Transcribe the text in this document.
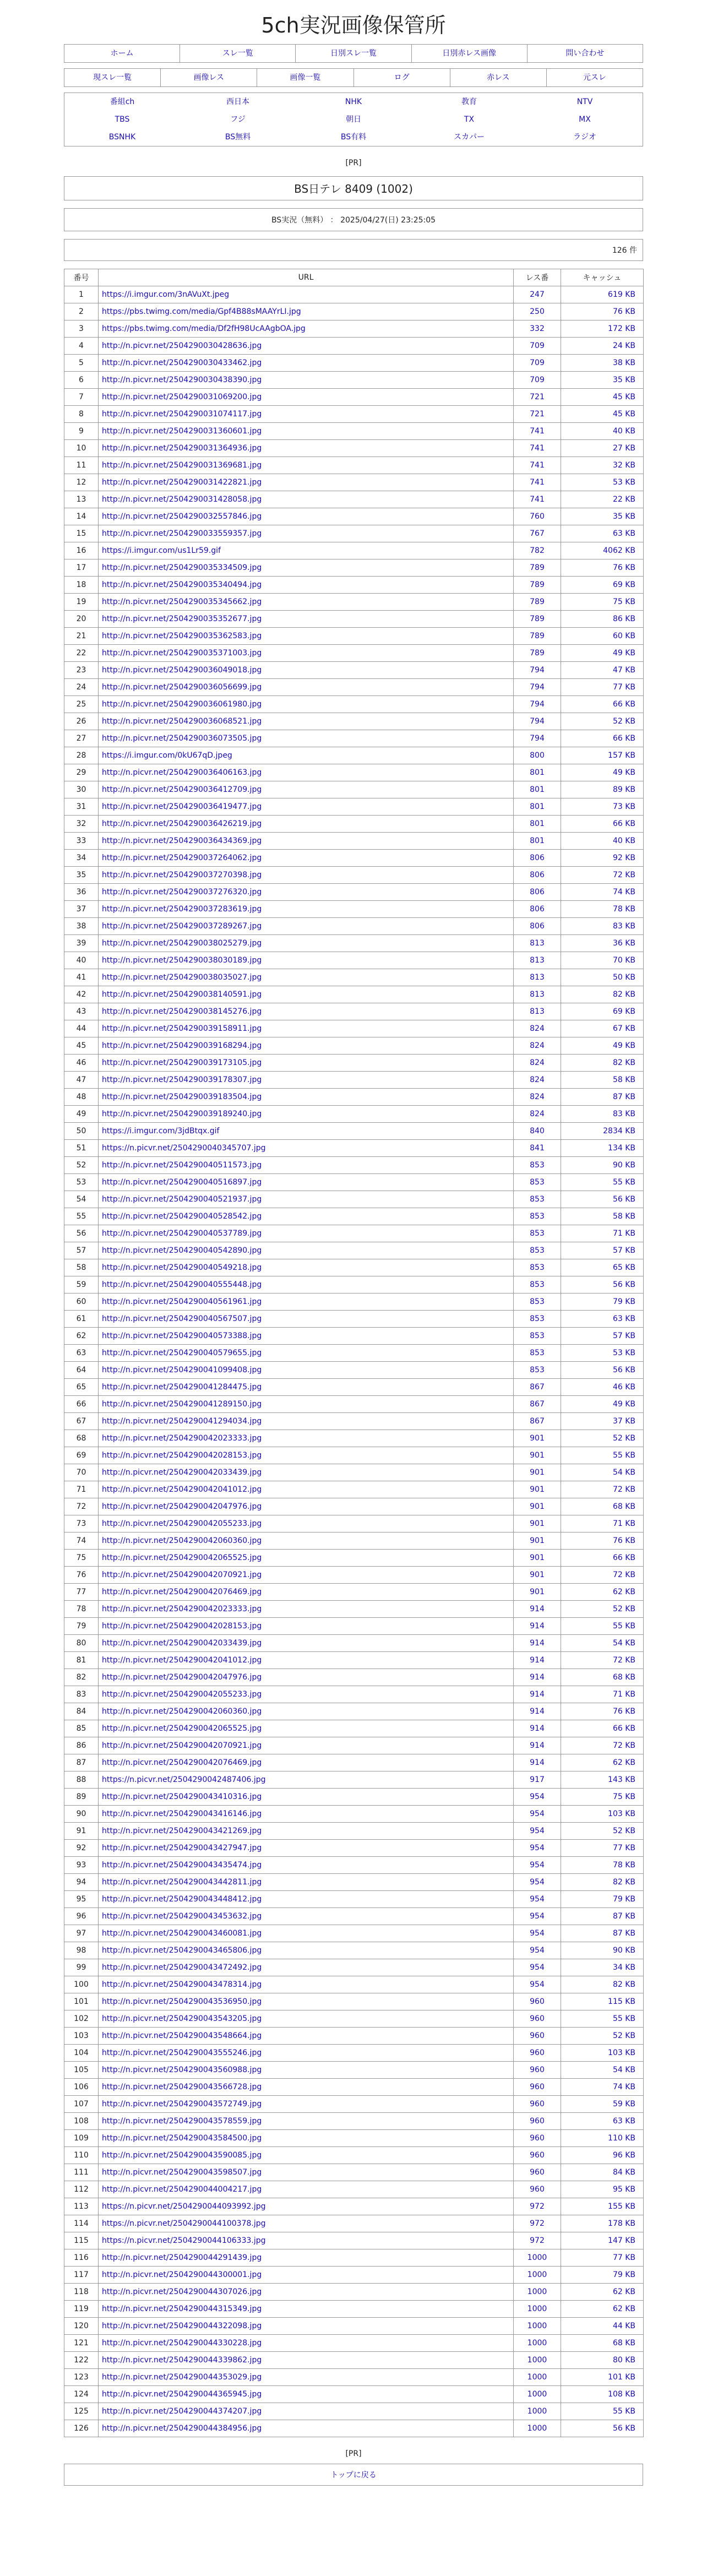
5ch実況画像保管所
ホーム	スレ一覧	日別スレ一覧	日別赤レス画像	問い合わせ
現スレ一覧	画像レス	画像一覧	ログ	赤レス	元スレ
番組ch	西日本	NHK	教育	NTV
TBS	フジ	朝日	TX	MX
BSNHK	BS無料	BS有料	スカパー	ラジオ
[PR]
BS日テレ 8409 (1002)
BS実況（無料） ： 2025/04/27(日) 23:25:05
126 件
番号	URL	レス番	キャッシュ
1	https://i.imgur.com/3nAVuXt.jpeg	247	619 KB
2	https://pbs.twimg.com/media/Gpf4B88sMAAYrLI.jpg	250	76 KB
3	https://pbs.twimg.com/media/Df2fH98UcAAgbOA.jpg	332	172 KB
4	http://n.picvr.net/2504290030428636.jpg	709	24 KB
5	http://n.picvr.net/2504290030433462.jpg	709	38 KB
6	http://n.picvr.net/2504290030438390.jpg	709	35 KB
7	http://n.picvr.net/2504290031069200.jpg	721	45 KB
8	http://n.picvr.net/2504290031074117.jpg	721	45 KB
9	http://n.picvr.net/2504290031360601.jpg	741	40 KB
10	http://n.picvr.net/2504290031364936.jpg	741	27 KB
11	http://n.picvr.net/2504290031369681.jpg	741	32 KB
12	http://n.picvr.net/2504290031422821.jpg	741	53 KB
13	http://n.picvr.net/2504290031428058.jpg	741	22 KB
14	http://n.picvr.net/2504290032557846.jpg	760	35 KB
15	http://n.picvr.net/2504290033559357.jpg	767	63 KB
16	https://i.imgur.com/us1Lr59.gif	782	4062 KB
17	http://n.picvr.net/2504290035334509.jpg	789	76 KB
18	http://n.picvr.net/2504290035340494.jpg	789	69 KB
19	http://n.picvr.net/2504290035345662.jpg	789	75 KB
20	http://n.picvr.net/2504290035352677.jpg	789	86 KB
21	http://n.picvr.net/2504290035362583.jpg	789	60 KB
22	http://n.picvr.net/2504290035371003.jpg	789	49 KB
23	http://n.picvr.net/2504290036049018.jpg	794	47 KB
24	http://n.picvr.net/2504290036056699.jpg	794	77 KB
25	http://n.picvr.net/2504290036061980.jpg	794	66 KB
26	http://n.picvr.net/2504290036068521.jpg	794	52 KB
27	http://n.picvr.net/2504290036073505.jpg	794	66 KB
28	https://i.imgur.com/0kU67qD.jpeg	800	157 KB
29	http://n.picvr.net/2504290036406163.jpg	801	49 KB
30	http://n.picvr.net/2504290036412709.jpg	801	89 KB
31	http://n.picvr.net/2504290036419477.jpg	801	73 KB
32	http://n.picvr.net/2504290036426219.jpg	801	66 KB
33	http://n.picvr.net/2504290036434369.jpg	801	40 KB
34	http://n.picvr.net/2504290037264062.jpg	806	92 KB
35	http://n.picvr.net/2504290037270398.jpg	806	72 KB
36	http://n.picvr.net/2504290037276320.jpg	806	74 KB
37	http://n.picvr.net/2504290037283619.jpg	806	78 KB
38	http://n.picvr.net/2504290037289267.jpg	806	83 KB
39	http://n.picvr.net/2504290038025279.jpg	813	36 KB
40	http://n.picvr.net/2504290038030189.jpg	813	70 KB
41	http://n.picvr.net/2504290038035027.jpg	813	50 KB
42	http://n.picvr.net/2504290038140591.jpg	813	82 KB
43	http://n.picvr.net/2504290038145276.jpg	813	69 KB
44	http://n.picvr.net/2504290039158911.jpg	824	67 KB
45	http://n.picvr.net/2504290039168294.jpg	824	49 KB
46	http://n.picvr.net/2504290039173105.jpg	824	82 KB
47	http://n.picvr.net/2504290039178307.jpg	824	58 KB
48	http://n.picvr.net/2504290039183504.jpg	824	87 KB
49	http://n.picvr.net/2504290039189240.jpg	824	83 KB
50	https://i.imgur.com/3jdBtqx.gif	840	2834 KB
51	https://n.picvr.net/2504290040345707.jpg	841	134 KB
52	http://n.picvr.net/2504290040511573.jpg	853	90 KB
53	http://n.picvr.net/2504290040516897.jpg	853	55 KB
54	http://n.picvr.net/2504290040521937.jpg	853	56 KB
55	http://n.picvr.net/2504290040528542.jpg	853	58 KB
56	http://n.picvr.net/2504290040537789.jpg	853	71 KB
57	http://n.picvr.net/2504290040542890.jpg	853	57 KB
58	http://n.picvr.net/2504290040549218.jpg	853	65 KB
59	http://n.picvr.net/2504290040555448.jpg	853	56 KB
60	http://n.picvr.net/2504290040561961.jpg	853	79 KB
61	http://n.picvr.net/2504290040567507.jpg	853	63 KB
62	http://n.picvr.net/2504290040573388.jpg	853	57 KB
63	http://n.picvr.net/2504290040579655.jpg	853	53 KB
64	http://n.picvr.net/2504290041099408.jpg	853	56 KB
65	http://n.picvr.net/2504290041284475.jpg	867	46 KB
66	http://n.picvr.net/2504290041289150.jpg	867	49 KB
67	http://n.picvr.net/2504290041294034.jpg	867	37 KB
68	http://n.picvr.net/2504290042023333.jpg	901	52 KB
69	http://n.picvr.net/2504290042028153.jpg	901	55 KB
70	http://n.picvr.net/2504290042033439.jpg	901	54 KB
71	http://n.picvr.net/2504290042041012.jpg	901	72 KB
72	http://n.picvr.net/2504290042047976.jpg	901	68 KB
73	http://n.picvr.net/2504290042055233.jpg	901	71 KB
74	http://n.picvr.net/2504290042060360.jpg	901	76 KB
75	http://n.picvr.net/2504290042065525.jpg	901	66 KB
76	http://n.picvr.net/2504290042070921.jpg	901	72 KB
77	http://n.picvr.net/2504290042076469.jpg	901	62 KB
78	http://n.picvr.net/2504290042023333.jpg	914	52 KB
79	http://n.picvr.net/2504290042028153.jpg	914	55 KB
80	http://n.picvr.net/2504290042033439.jpg	914	54 KB
81	http://n.picvr.net/2504290042041012.jpg	914	72 KB
82	http://n.picvr.net/2504290042047976.jpg	914	68 KB
83	http://n.picvr.net/2504290042055233.jpg	914	71 KB
84	http://n.picvr.net/2504290042060360.jpg	914	76 KB
85	http://n.picvr.net/2504290042065525.jpg	914	66 KB
86	http://n.picvr.net/2504290042070921.jpg	914	72 KB
87	http://n.picvr.net/2504290042076469.jpg	914	62 KB
88	https://n.picvr.net/2504290042487406.jpg	917	143 KB
89	http://n.picvr.net/2504290043410316.jpg	954	75 KB
90	http://n.picvr.net/2504290043416146.jpg	954	103 KB
91	http://n.picvr.net/2504290043421269.jpg	954	52 KB
92	http://n.picvr.net/2504290043427947.jpg	954	77 KB
93	http://n.picvr.net/2504290043435474.jpg	954	78 KB
94	http://n.picvr.net/2504290043442811.jpg	954	82 KB
95	http://n.picvr.net/2504290043448412.jpg	954	79 KB
96	http://n.picvr.net/2504290043453632.jpg	954	87 KB
97	http://n.picvr.net/2504290043460081.jpg	954	87 KB
98	http://n.picvr.net/2504290043465806.jpg	954	90 KB
99	http://n.picvr.net/2504290043472492.jpg	954	34 KB
100	http://n.picvr.net/2504290043478314.jpg	954	82 KB
101	http://n.picvr.net/2504290043536950.jpg	960	115 KB
102	http://n.picvr.net/2504290043543205.jpg	960	55 KB
103	http://n.picvr.net/2504290043548664.jpg	960	52 KB
104	http://n.picvr.net/2504290043555246.jpg	960	103 KB
105	http://n.picvr.net/2504290043560988.jpg	960	54 KB
106	http://n.picvr.net/2504290043566728.jpg	960	74 KB
107	http://n.picvr.net/2504290043572749.jpg	960	59 KB
108	http://n.picvr.net/2504290043578559.jpg	960	63 KB
109	http://n.picvr.net/2504290043584500.jpg	960	110 KB
110	http://n.picvr.net/2504290043590085.jpg	960	96 KB
111	http://n.picvr.net/2504290043598507.jpg	960	84 KB
112	http://n.picvr.net/2504290044004217.jpg	960	95 KB
113	https://n.picvr.net/2504290044093992.jpg	972	155 KB
114	https://n.picvr.net/2504290044100378.jpg	972	178 KB
115	https://n.picvr.net/2504290044106333.jpg	972	147 KB
116	http://n.picvr.net/2504290044291439.jpg	1000	77 KB
117	http://n.picvr.net/2504290044300001.jpg	1000	79 KB
118	http://n.picvr.net/2504290044307026.jpg	1000	62 KB
119	http://n.picvr.net/2504290044315349.jpg	1000	62 KB
120	http://n.picvr.net/2504290044322098.jpg	1000	44 KB
121	http://n.picvr.net/2504290044330228.jpg	1000	68 KB
122	http://n.picvr.net/2504290044339862.jpg	1000	80 KB
123	http://n.picvr.net/2504290044353029.jpg	1000	101 KB
124	http://n.picvr.net/2504290044365945.jpg	1000	108 KB
125	http://n.picvr.net/2504290044374207.jpg	1000	55 KB
126	http://n.picvr.net/2504290044384956.jpg	1000	56 KB
[PR]
トップに戻る
